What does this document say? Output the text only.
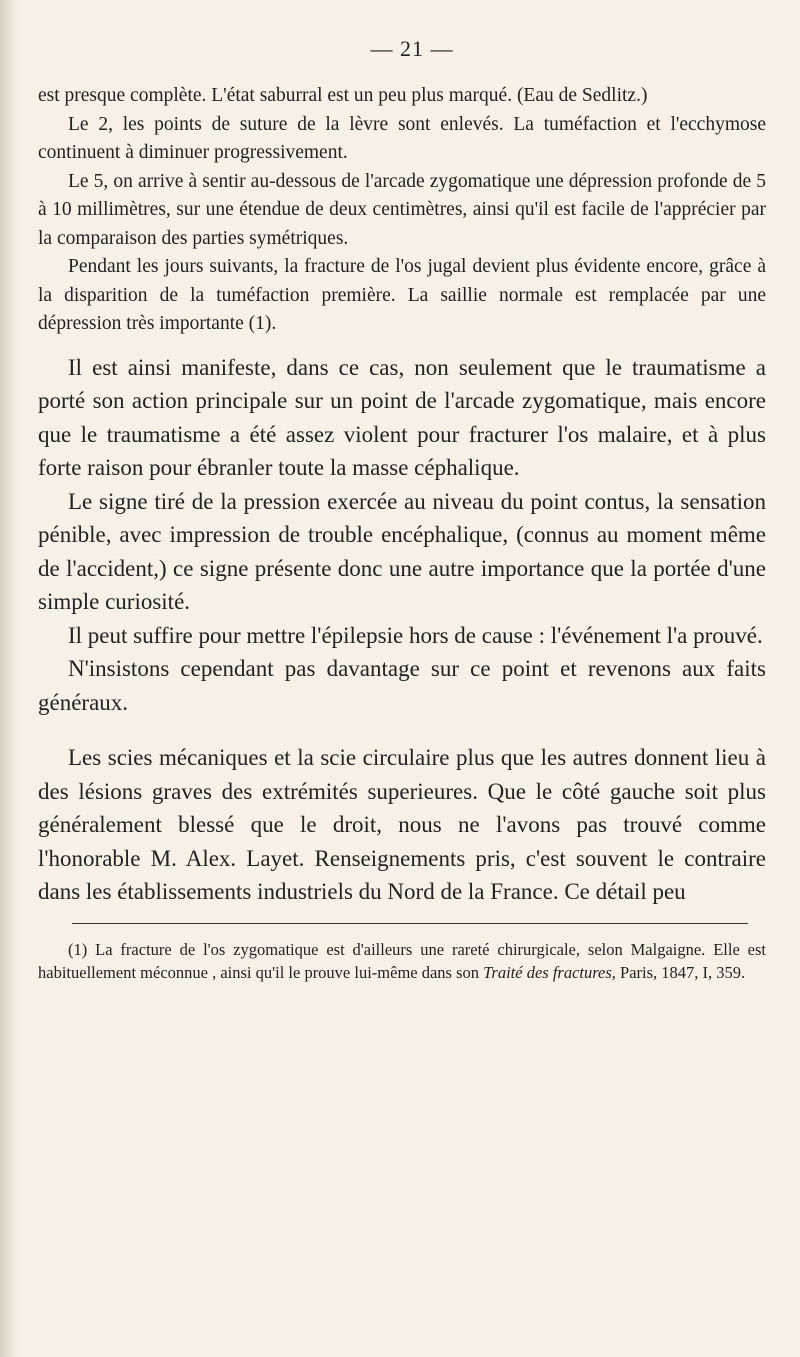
— 21 —

est presque complète. L'état saburral est un peu plus marqué. (Eau de Sedlitz.)

Le 2, les points de suture de la lèvre sont enlevés. La tuméfaction et l'ecchymose continuent à diminuer progressivement.

Le 5, on arrive à sentir au-dessous de l'arcade zygomatique une dépression profonde de 5 à 10 millimètres, sur une étendue de deux centimètres, ainsi qu'il est facile de l'apprécier par la comparaison des parties symétriques.

Pendant les jours suivants, la fracture de l'os jugal devient plus évidente encore, grâce à la disparition de la tuméfaction première. La saillie normale est remplacée par une dépression très importante (1).

Il est ainsi manifeste, dans ce cas, non seulement que le traumatisme a porté son action principale sur un point de l'arcade zygomatique, mais encore que le traumatisme a été assez violent pour fracturer l'os malaire, et à plus forte raison pour ébranler toute la masse céphalique.

Le signe tiré de la pression exercée au niveau du point contus, la sensation pénible, avec impression de trouble encéphalique, (connus au moment même de l'accident,) ce signe présente donc une autre importance que la portée d'une simple curiosité.

Il peut suffire pour mettre l'épilepsie hors de cause : l'événement l'a prouvé.

N'insistons cependant pas davantage sur ce point et revenons aux faits généraux.

Les scies mécaniques et la scie circulaire plus que les autres donnent lieu à des lésions graves des extrémités superieures. Que le côté gauche soit plus généralement blessé que le droit, nous ne l'avons pas trouvé comme l'honorable M. Alex. Layet. Renseignements pris, c'est souvent le contraire dans les établissements industriels du Nord de la France. Ce détail peu

(1) La fracture de l'os zygomatique est d'ailleurs une rareté chirurgicale, selon Malgaigne. Elle est habituellement méconnue , ainsi qu'il le prouve lui-même dans son Traité des fractures, Paris, 1847, I, 359.
